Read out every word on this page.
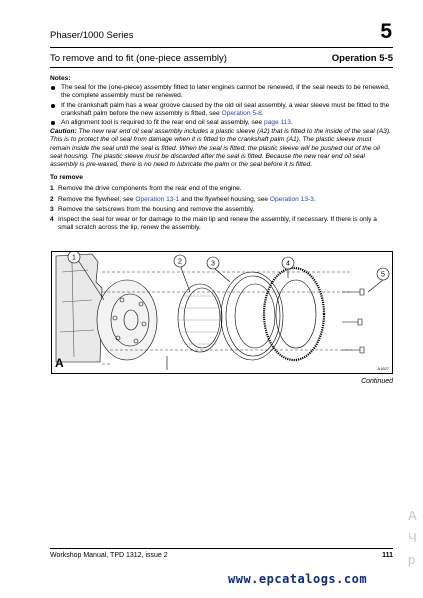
Phaser/1000 Series	5
To remove and to fit (one-piece assembly)	Operation 5-5

Notes:

The seal for the (one-piece) assembly fitted to later engines cannot be renewed, if the seal needs to be renewed, the complete assembly must be renewed.

If the crankshaft palm has a wear groove caused by the old oil seal assembly, a wear sleeve must be fitted to the crankshaft palm before the new assembly is fitted, see Operation 5-8.

An alignment tool is required to fit the rear end oil seal assembly, see page 113.

Caution: The new rear end oil seal assembly includes a plastic sleeve (A2) that is fitted to the inside of the seal (A3). This is to protect the oil seal from damage when it is fitted to the crankshaft palm (A1). The plastic sleeve must remain inside the seal until the seal is fitted. When the seal is fitted, the plastic sleeve will be pushed out of the oil seal housing. The plastic sleeve must be discarded after the seal is fitted. Because the new rear end oil seal assembly is pre-waxed, there is no need to lubricate the palm or the seal before it is fitted.

To remove

1 Remove the drive components from the rear end of the engine.

2 Remove the flywheel, see Operation 13-1 and the flywheel housing, see Operation 13-3.

3 Remove the setscrews from the housing and remove the assembly.

4 Inspect the seal for wear or for damage to the main lip and renew the assembly, if necessary. If there is only a small scratch across the lip, renew the assembly.

1
2	3	4
5
A	A1627
Continued
Workshop Manual, TPD 1312, issue 2	111
www.epcatalogs.com
A
Ч
р
